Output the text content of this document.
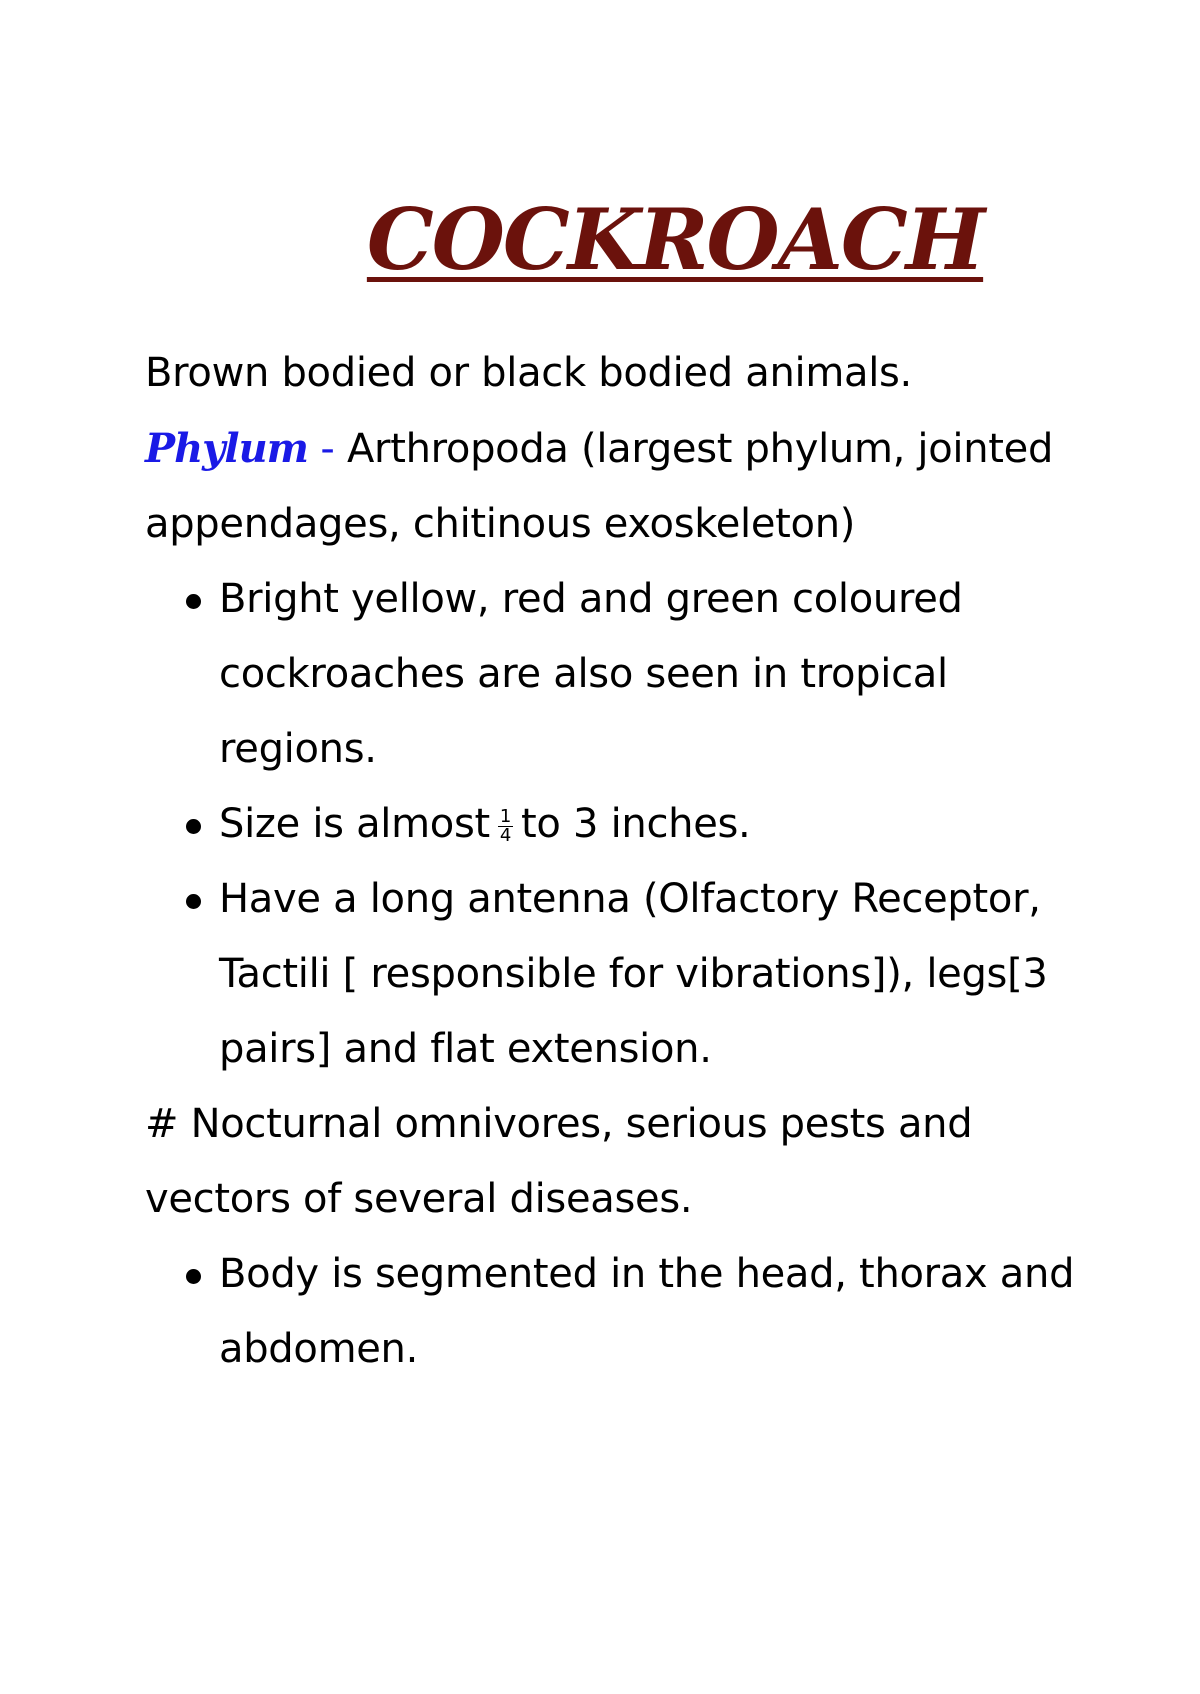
COCKROACH

Brown bodied or black bodied animals.

Phylum - Arthropoda (largest phylum, jointed appendages, chitinous exoskeleton)

Bright yellow, red and green coloured cockroaches are also seen in tropical regions.
Size is almost $\frac{1}{4}$ to 3 inches.
Have a long antenna (Olfactory Receptor, Tactili [ responsible for vibrations]), legs[3 pairs] and flat extension.

# Nocturnal omnivores, serious pests and vectors of several diseases.

Body is segmented in the head, thorax and abdomen.
